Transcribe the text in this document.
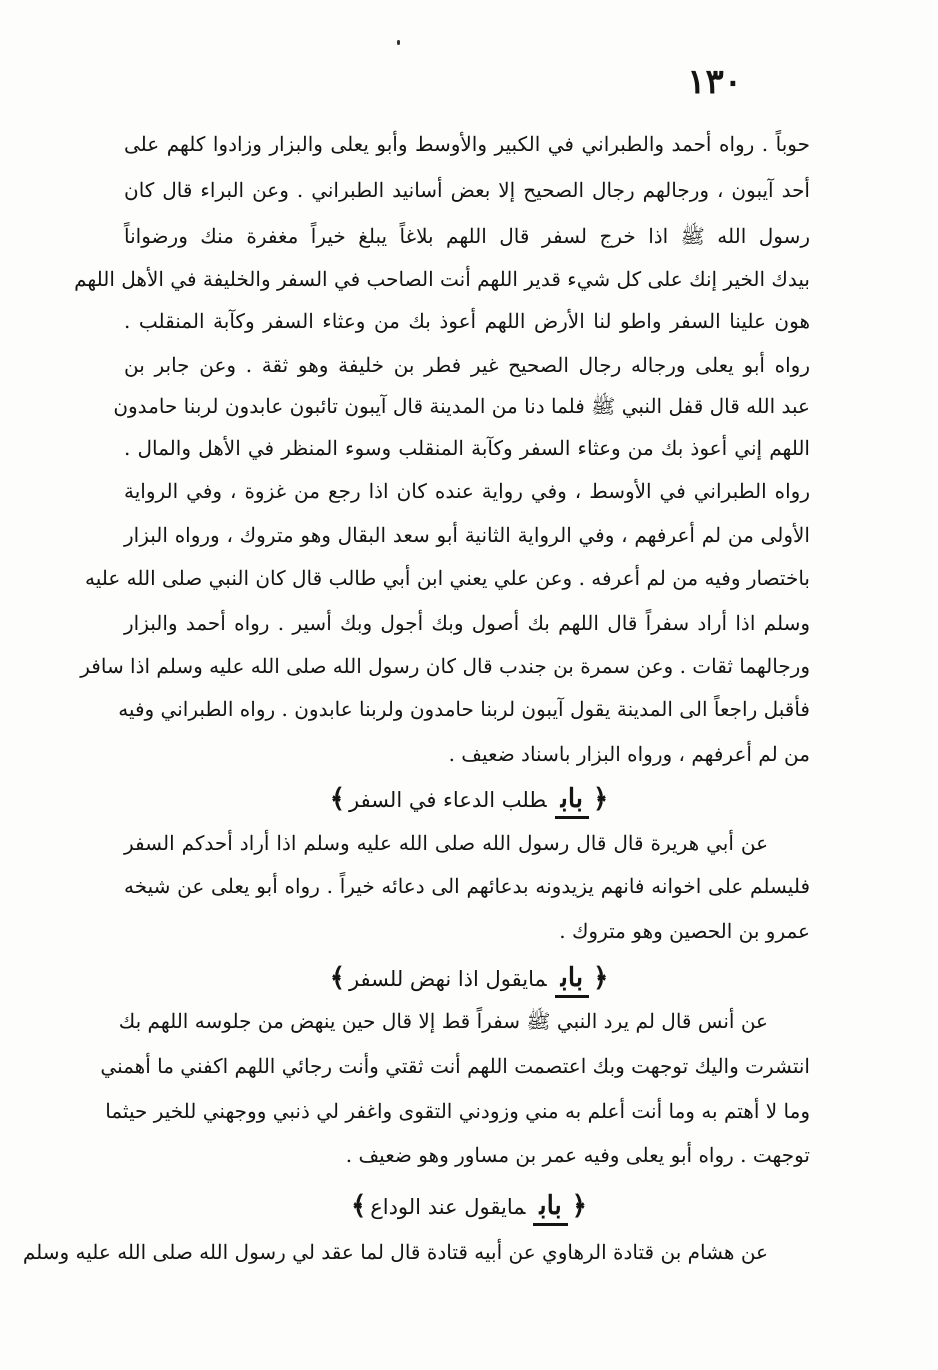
١٣٠
حوباً . رواه أحمد والطبراني في الكبير والأوسط وأبو يعلى والبزار وزادوا كلهم على
أحد آيبون ، ورجالهم رجال الصحيح إلا بعض أسانيد الطبراني . وعن البراء قال كان
رسول الله ﷺ اذا خرج لسفر قال اللهم بلاغاً يبلغ خيراً مغفرة منك ورضواناً
بيدك الخير إنك على كل شيء قدير اللهم أنت الصاحب في السفر والخليفة في الأهل اللهم
هون علينا السفر واطو لنا الأرض اللهم أعوذ بك من وعثاء السفر وكآبة المنقلب .
رواه أبو يعلى ورجاله رجال الصحيح غير فطر بن خليفة وهو ثقة . وعن جابر بن
عبد الله قال قفل النبي ﷺ فلما دنا من المدينة قال آيبون تائبون عابدون لربنا حامدون
اللهم إني أعوذ بك من وعثاء السفر وكآبة المنقلب وسوء المنظر في الأهل والمال .
رواه الطبراني في الأوسط ، وفي رواية عنده كان اذا رجع من غزوة ، وفي الرواية
الأولى من لم أعرفهم ، وفي الرواية الثانية أبو سعد البقال وهو متروك ، ورواه البزار
باختصار وفيه من لم أعرفه . وعن علي يعني ابن أبي طالب قال كان النبي صلى الله عليه
وسلم اذا أراد سفراً قال اللهم بك أصول وبك أجول وبك أسير . رواه أحمد والبزار
ورجالهما ثقات . وعن سمرة بن جندب قال كان رسول الله صلى الله عليه وسلم اذا سافر
فأقبل راجعاً الى المدينة يقول آيبون لربنا حامدون ولربنا عابدون . رواه الطبراني وفيه
من لم أعرفهم ، ورواه البزار باسناد ضعيف .
﴿بابطلب الدعاء في السفر﴾
عن أبي هريرة قال قال رسول الله صلى الله عليه وسلم اذا أراد أحدكم السفر
فليسلم على اخوانه فانهم يزيدونه بدعائهم الى دعائه خيراً . رواه أبو يعلى عن شيخه
عمرو بن الحصين وهو متروك .
﴿بابمايقول اذا نهض للسفر﴾
عن أنس قال لم يرد النبي ﷺ سفراً قط إلا قال حين ينهض من جلوسه اللهم بك
انتشرت واليك توجهت وبك اعتصمت اللهم أنت ثقتي وأنت رجائي اللهم اكفني ما أهمني
وما لا أهتم به وما أنت أعلم به مني وزودني التقوى واغفر لي ذنبي ووجهني للخير حيثما
توجهت . رواه أبو يعلى وفيه عمر بن مساور وهو ضعيف .
﴿بابمايقول عند الوداع﴾
عن هشام بن قتادة الرهاوي عن أبيه قتادة قال لما عقد لي رسول الله صلى الله عليه وسلم
